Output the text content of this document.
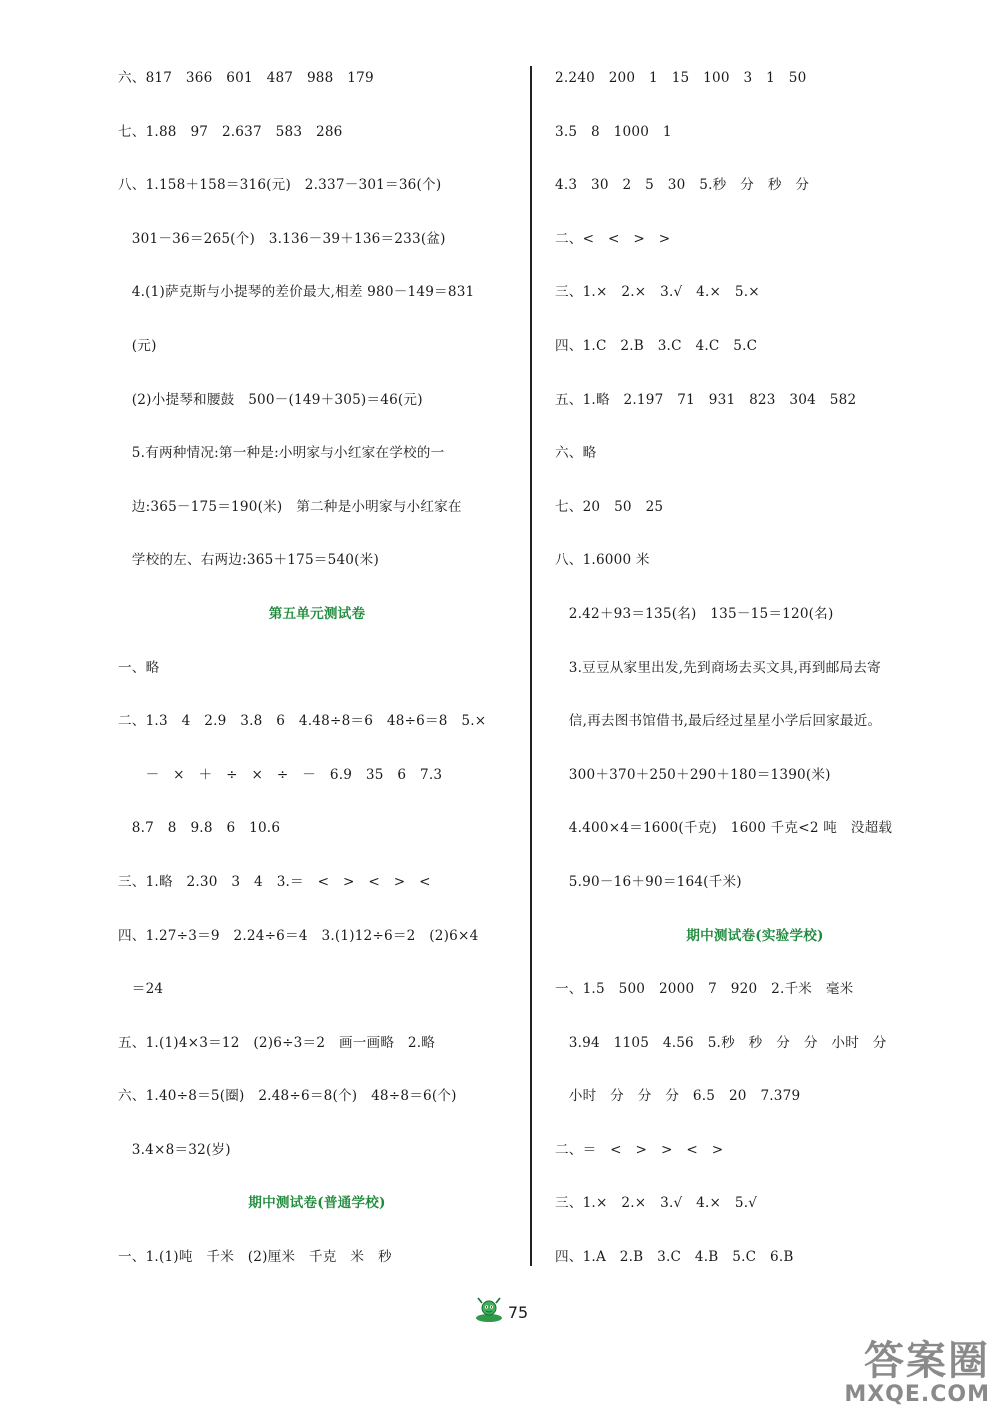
六、817　366　601　487　988　179
七、1.88　97　2.637　583　286
八、1.158＋158＝316(元)　2.337－301＝36(个)
　301－36＝265(个)　3.136－39＋136＝233(盆)
　4.(1)萨克斯与小提琴的差价最大,相差 980－149＝831
　(元)
　(2)小提琴和腰鼓　500－(149＋305)＝46(元)
　5.有两种情况:第一种是:小明家与小红家在学校的一
　边:365－175＝190(米)　第二种是小明家与小红家在
　学校的左、右两边:365＋175＝540(米)
第五单元测试卷
一、略
二、1.3　4　2.9　3.8　6　4.48÷8＝6　48÷6＝8　5.×
　　－　×　＋　÷　×　÷　－　6.9　35　6　7.3
　8.7　8　9.8　6　10.6
三、1.略　2.30　3　4　3.＝　<　>　<　>　<
四、1.27÷3＝9　2.24÷6＝4　3.(1)12÷6＝2　(2)6×4
　＝24
五、1.(1)4×3＝12　(2)6÷3＝2　画一画略　2.略
六、1.40÷8＝5(圈)　2.48÷6＝8(个)　48÷8＝6(个)
　3.4×8＝32(岁)
期中测试卷(普通学校)
一、1.(1)吨　千米　(2)厘米　千克　米　秒
2.240　200　1　15　100　3　1　50
3.5　8　1000　1
4.3　30　2　5　30　5.秒　分　秒　分
二、<　<　>　>
三、1.×　2.×　3.√　4.×　5.×
四、1.C　2.B　3.C　4.C　5.C
五、1.略　2.197　71　931　823　304　582
六、略
七、20　50　25
八、1.6000 米
　2.42＋93＝135(名)　135－15＝120(名)
　3.豆豆从家里出发,先到商场去买文具,再到邮局去寄
　信,再去图书馆借书,最后经过星星小学后回家最近。
　300＋370＋250＋290＋180＝1390(米)
　4.400×4＝1600(千克)　1600 千克<2 吨　没超载
　5.90－16＋90＝164(千米)
期中测试卷(实验学校)
一、1.5　500　2000　7　920　2.千米　毫米
　3.94　1105　4.56　5.秒　秒　分　分　小时　分
　小时　分　分　分　6.5　20　7.379
二、＝　<　>　>　<　>
三、1.×　2.×　3.√　4.×　5.√
四、1.A　2.B　3.C　4.B　5.C　6.B
75
答案圈
MXQE.COM
